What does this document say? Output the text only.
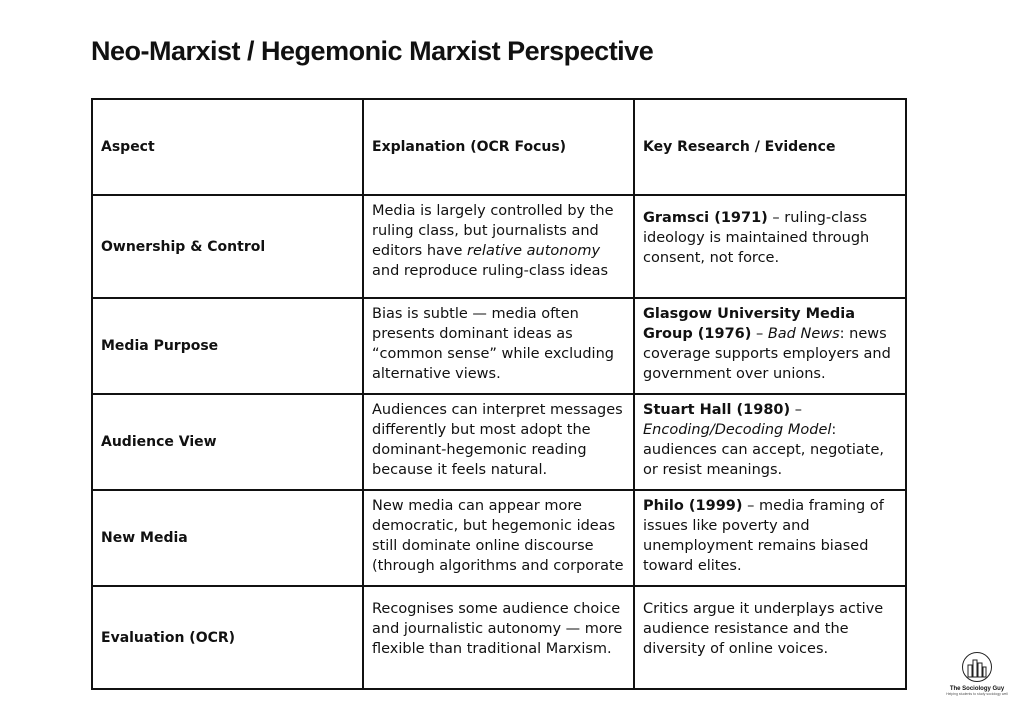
Neo-Marxist / Hegemonic Marxist Perspective
Aspect	Explanation (OCR Focus)	Key Research / Evidence
Ownership & Control	Media is largely controlled by the ruling class, but journalists and editors have relative autonomy and reproduce ruling-class ideas	Gramsci (1971) – ruling-class ideology is maintained through consent, not force.
Media Purpose	Bias is subtle — media often presents dominant ideas as “common sense” while excluding alternative views.	Glasgow University Media Group (1976) – Bad News: news coverage supports employers and government over unions.
Audience View	Audiences can interpret messages differently but most adopt the dominant-hegemonic reading because it feels natural.	Stuart Hall (1980) – Encoding/Decoding Model: audiences can accept, negotiate, or resist meanings.
New Media	New media can appear more democratic, but hegemonic ideas still dominate online discourse (through algorithms and corporate	Philo (1999) – media framing of issues like poverty and unemployment remains biased toward elites.
Evaluation (OCR)	Recognises some audience choice and journalistic autonomy — more flexible than traditional Marxism.	Critics argue it underplays active audience resistance and the diversity of online voices.
The Sociology Guy
Helping students to study sociology well
